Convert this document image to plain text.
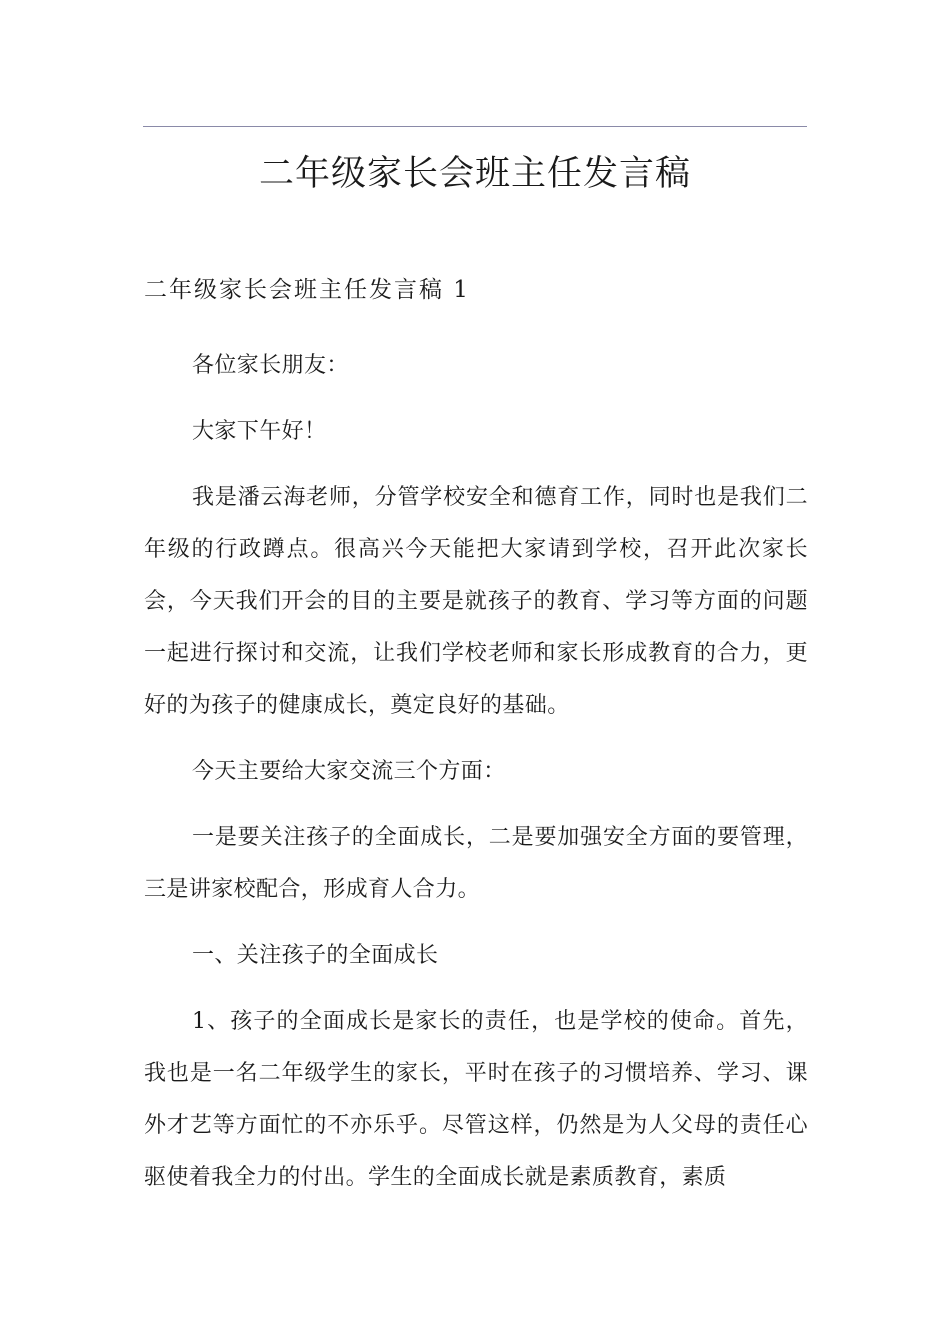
二年级家长会班主任发言稿
二年级家长会班主任发言稿 1

各位家长朋友：

大家下午好！

我是潘云海老师，分管学校安全和德育工作，同时也是我们二年级的行政蹲点。很高兴今天能把大家请到学校，召开此次家长会，今天我们开会的目的主要是就孩子的教育、学习等方面的问题一起进行探讨和交流，让我们学校老师和家长形成教育的合力，更好的为孩子的健康成长，奠定良好的基础。

今天主要给大家交流三个方面：

一是要关注孩子的全面成长，二是要加强安全方面的要管理，三是讲家校配合，形成育人合力。

一、关注孩子的全面成长

1、孩子的全面成长是家长的责任，也是学校的使命。首先，我也是一名二年级学生的家长，平时在孩子的习惯培养、学习、课外才艺等方面忙的不亦乐乎。尽管这样，仍然是为人父母的责任心驱使着我全力的付出。学生的全面成长就是素质教育，素质
